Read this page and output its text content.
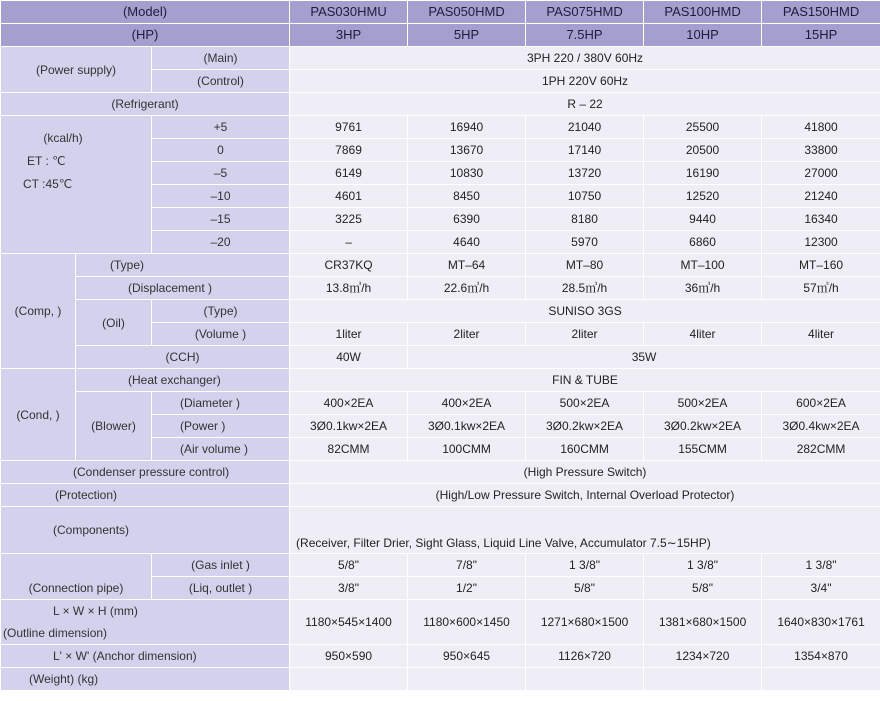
(Model)			PAS030HMU	PAS050HMD	PAS075HMD	PAS100HMD	PAS150HMD
(HP)			3HP	5HP	7.5HP	10HP	15HP
(Power supply)		(Main)	3PH 220 / 380V 60Hz				
		(Control)	1PH 220V 60Hz				
(Refrigerant)			R – 22				

(kcal/h)
ET : ℃
CT :45℃		+5	9761	16940	21040	25500	41800
		0	7869	13670	17140	20500	33800
		–5	6149	10830	13720	16190	27000
		–10	4601	8450	10750	12520	21240
		–15	3225	6390	8180	9440	16340
		–20	–	4640	5970	6860	12300
(Comp, )	(Type)		CR37KQ	MT–64	MT–80	MT–100	MT–160
	(Displacement )		13.8㎥/h	22.6㎥/h	28.5㎥/h	36㎥/h	57㎥/h
	(Oil)	(Type)	SUNISO 3GS				
		(Volume )	1liter	2liter	2liter	4liter	4liter
	(CCH)		40W	35W			
(Cond, )	(Heat exchanger)		FIN & TUBE				
	(Blower)	(Diameter )	400×2EA	400×2EA	500×2EA	500×2EA	600×2EA
		(Power )	3Ø0.1kw×2EA	3Ø0.1kw×2EA	3Ø0.2kw×2EA	3Ø0.2kw×2EA	3Ø0.4kw×2EA
		(Air volume )	82CMM	100CMM	160CMM	155CMM	282CMM
(Condenser pressure control)			(High Pressure Switch)				
(Protection)			(High/Low Pressure Switch, Internal Overload Protector)				
(Components)			(Receiver, Filter Drier, Sight Glass, Liquid Line Valve, Accumulator 7.5∼15HP)				
(Connection pipe)		(Gas inlet )	5/8"	7/8"	1 3/8"	1 3/8"	1 3/8"
		(Liq, outlet )	3/8"	1/2"	5/8"	5/8"	3/4"

L × W × H (mm)
(Outline dimension)			1180×545×1400	1180×600×1450	1271×680×1500	1381×680×1500	1640×830×1761
L' × W' (Anchor dimension)			950×590	950×645	1126×720	1234×720	1354×870
(Weight) (kg)							
